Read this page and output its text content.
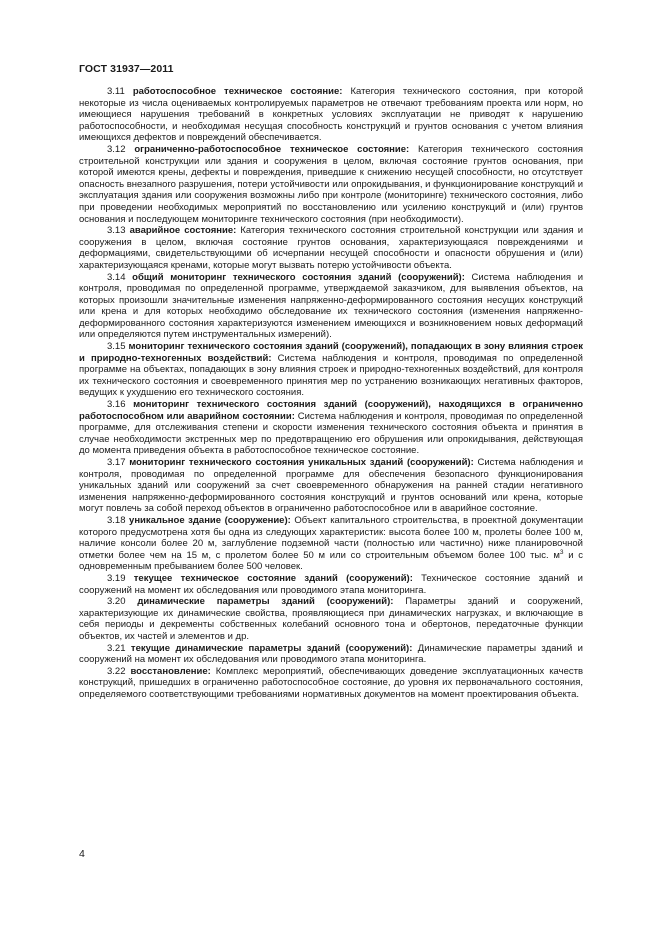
ГОСТ 31937—2011

3.11 работоспособное техническое состояние: Категория технического состояния, при которой некоторые из числа оцениваемых контролируемых параметров не отвечают требованиям проекта или норм, но имеющиеся нарушения требований в конкретных условиях эксплуатации не приводят к нарушению работоспособности, и необходимая несущая способность конструкций и грунтов основания с учетом влияния имеющихся дефектов и повреждений обеспечивается.

3.12 ограниченно-работоспособное техническое состояние: Категория технического состояния строительной конструкции или здания и сооружения в целом, включая состояние грунтов основания, при которой имеются крены, дефекты и повреждения, приведшие к снижению несущей способности, но отсутствует опасность внезапного разрушения, потери устойчивости или опрокидывания, и функционирование конструкций и эксплуатация здания или сооружения возможны либо при контроле (мониторинге) технического состояния, либо при проведении необходимых мероприятий по восстановлению или усилению конструкций и (или) грунтов основания и последующем мониторинге технического состояния (при необходимости).

3.13 аварийное состояние: Категория технического состояния строительной конструкции или здания и сооружения в целом, включая состояние грунтов основания, характеризующаяся повреждениями и деформациями, свидетельствующими об исчерпании несущей способности и опасности обрушения и (или) характеризующаяся кренами, которые могут вызвать потерю устойчивости объекта.

3.14 общий мониторинг технического состояния зданий (сооружений): Система наблюдения и контроля, проводимая по определенной программе, утверждаемой заказчиком, для выявления объектов, на которых произошли значительные изменения напряженно-деформированного состояния несущих конструкций или крена и для которых необходимо обследование их технического состояния (изменения напряженно-деформированного состояния характеризуются изменением имеющихся и возникновением новых деформаций или определяются путем инструментальных измерений).

3.15 мониторинг технического состояния зданий (сооружений), попадающих в зону влияния строек и природно-техногенных воздействий: Система наблюдения и контроля, проводимая по определенной программе на объектах, попадающих в зону влияния строек и природно-техногенных воздействий, для контроля их технического состояния и своевременного принятия мер по устранению возникающих негативных факторов, ведущих к ухудшению его технического состояния.

3.16 мониторинг технического состояния зданий (сооружений), находящихся в ограниченно работоспособном или аварийном состоянии: Система наблюдения и контроля, проводимая по определенной программе, для отслеживания степени и скорости изменения технического состояния объекта и принятия в случае необходимости экстренных мер по предотвращению его обрушения или опрокидывания, действующая до момента приведения объекта в работоспособное техническое состояние.

3.17 мониторинг технического состояния уникальных зданий (сооружений): Система наблюдения и контроля, проводимая по определенной программе для обеспечения безопасного функционирования уникальных зданий или сооружений за счет своевременного обнаружения на ранней стадии негативного изменения напряженно-деформированного состояния конструкций и грунтов оснований или крена, которые могут повлечь за собой переход объектов в ограниченно работоспособное или в аварийное состояние.

3.18 уникальное здание (сооружение): Объект капитального строительства, в проектной документации которого предусмотрена хотя бы одна из следующих характеристик: высота более 100 м, пролеты более 100 м, наличие консоли более 20 м, заглубление подземной части (полностью или частично) ниже планировочной отметки более чем на 15 м, с пролетом более 50 м или со строительным объемом более 100 тыс. $м^3$ и с одновременным пребыванием более 500 человек.

3.19 текущее техническое состояние зданий (сооружений): Техническое состояние зданий и сооружений на момент их обследования или проводимого этапа мониторинга.

3.20 динамические параметры зданий (сооружений): Параметры зданий и сооружений, характеризующие их динамические свойства, проявляющиеся при динамических нагрузках, и включающие в себя периоды и декременты собственных колебаний основного тона и обертонов, передаточные функции объектов, их частей и элементов и др.

3.21 текущие динамические параметры зданий (сооружений): Динамические параметры зданий и сооружений на момент их обследования или проводимого этапа мониторинга.

3.22 восстановление: Комплекс мероприятий, обеспечивающих доведение эксплуатационных качеств конструкций, пришедших в ограниченно работоспособное состояние, до уровня их первоначального состояния, определяемого соответствующими требованиями нормативных документов на момент проектирования объекта.

4
